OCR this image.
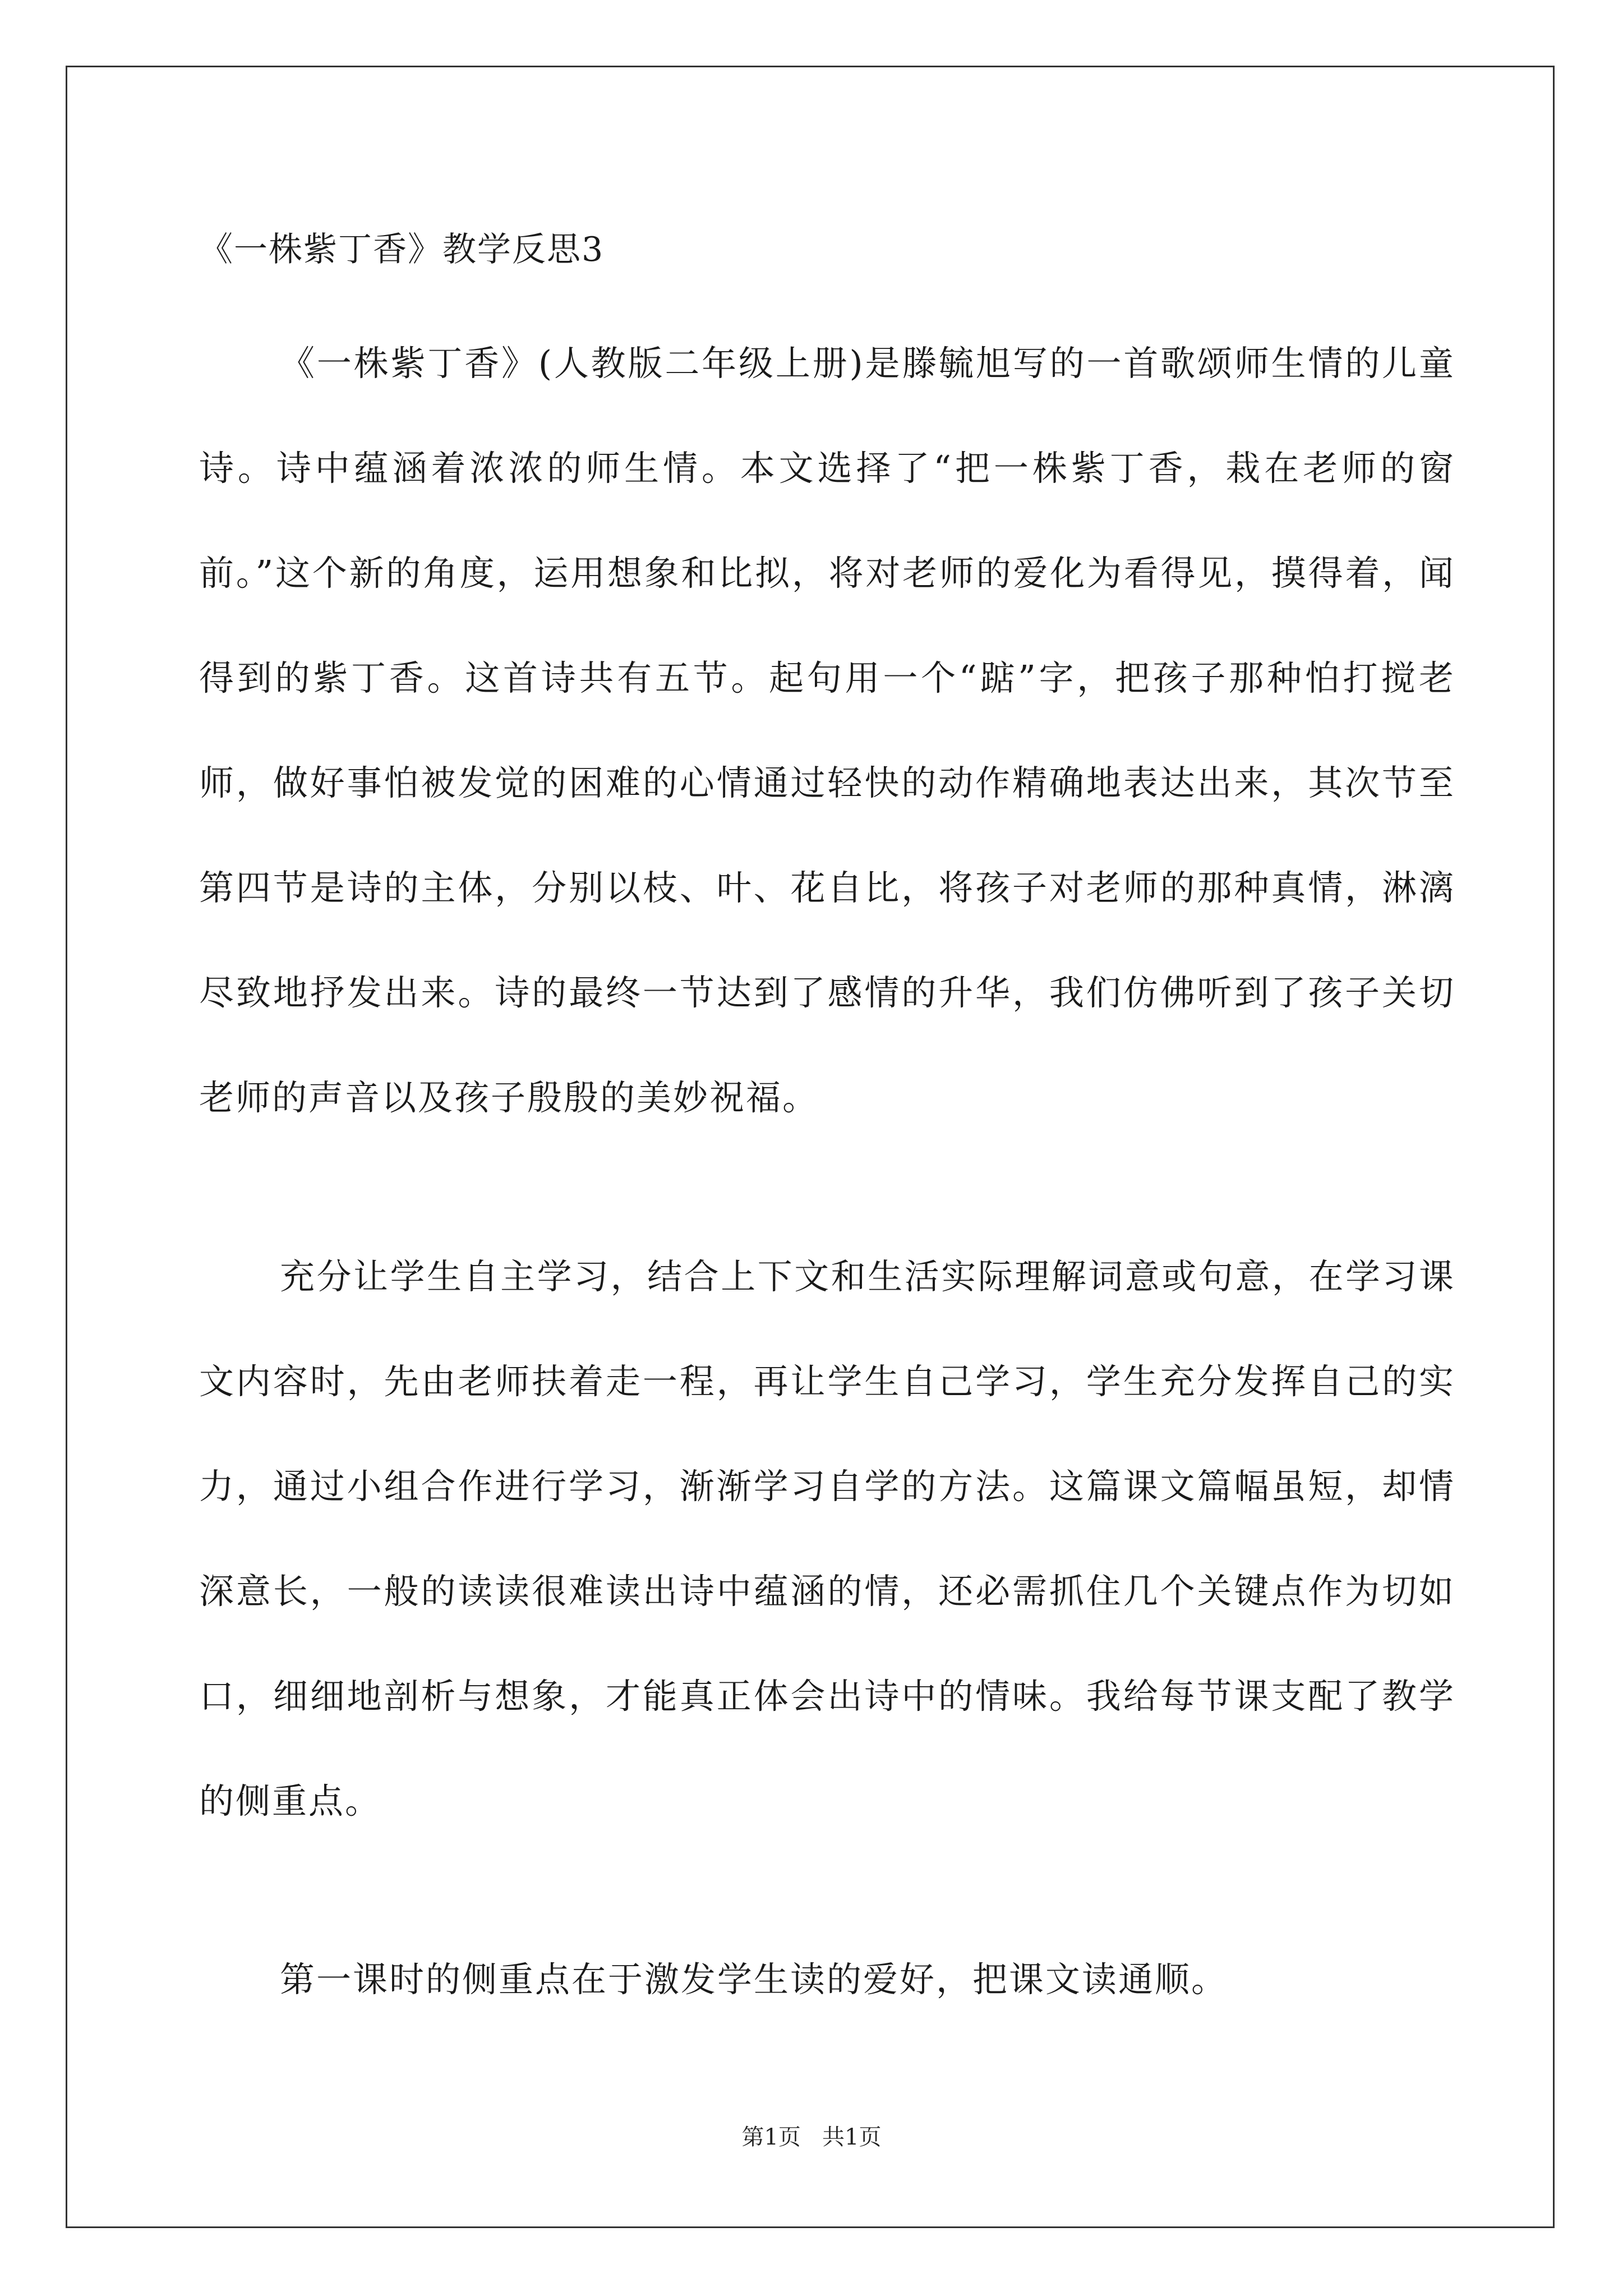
《一株紫丁香》教学反思3

《一株紫丁香》(人教版二年级上册)是滕毓旭写的一首歌颂师生情的儿童诗。诗中蕴涵着浓浓的师生情。本文选择了“把一株紫丁香，栽在老师的窗前。”这个新的角度，运用想象和比拟，将对老师的爱化为看得见，摸得着，闻得到的紫丁香。这首诗共有五节。起句用一个“踮”字，把孩子那种怕打搅老师，做好事怕被发觉的困难的心情通过轻快的动作精确地表达出来，其次节至第四节是诗的主体，分别以枝、叶、花自比，将孩子对老师的那种真情，淋漓尽致地抒发出来。诗的最终一节达到了感情的升华，我们仿佛听到了孩子关切老师的声音以及孩子殷殷的美妙祝福。

充分让学生自主学习，结合上下文和生活实际理解词意或句意，在学习课文内容时，先由老师扶着走一程，再让学生自己学习，学生充分发挥自己的实力，通过小组合作进行学习，渐渐学习自学的方法。这篇课文篇幅虽短，却情深意长，一般的读读很难读出诗中蕴涵的情，还必需抓住几个关键点作为切如口，细细地剖析与想象，才能真正体会出诗中的情味。我给每节课支配了教学的侧重点。

第一课时的侧重点在于激发学生读的爱好，把课文读通顺。

第1页   共1页
